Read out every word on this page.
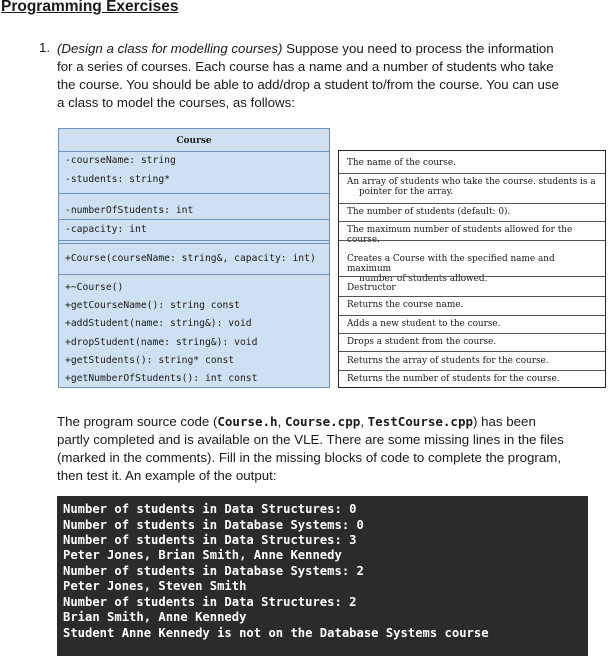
Programming Exercises
1. (Design a class for modelling courses) Suppose you need to process the information for a series of courses. Each course has a name and a number of students who take the course. You should be able to add/drop a student to/from the course. You can use a class to model the courses, as follows:

Course
-courseName: string
-students: string*
-numberOfStudents: int
-capacity: int
+Course(courseName: string&, capacity: int)
+~Course()
+getCourseName(): string const
+addStudent(name: string&): void
+dropStudent(name: string&): void
+getStudents(): string* const
+getNumberOfStudents(): int const
The name of the course.
An array of students who take the course. students is a
pointer for the array.
The number of students (default: 0).
The maximum number of students allowed for the course.
Creates a Course with the specified name and maximum
number of students allowed.
Destructor
Returns the course name.
Adds a new student to the course.
Drops a student from the course.
Returns the array of students for the course.
Returns the number of students for the course.

The program source code (Course.h, Course.cpp, TestCourse.cpp) has been partly completed and is available on the VLE. There are some missing lines in the files (marked in the comments). Fill in the missing blocks of code to complete the program, then test it. An example of the output:

Number of students in Data Structures: 0
Number of students in Database Systems: 0
Number of students in Data Structures: 3
Peter Jones, Brian Smith, Anne Kennedy
Number of students in Database Systems: 2
Peter Jones, Steven Smith
Number of students in Data Structures: 2
Brian Smith, Anne Kennedy
Student Anne Kennedy is not on the Database Systems course
